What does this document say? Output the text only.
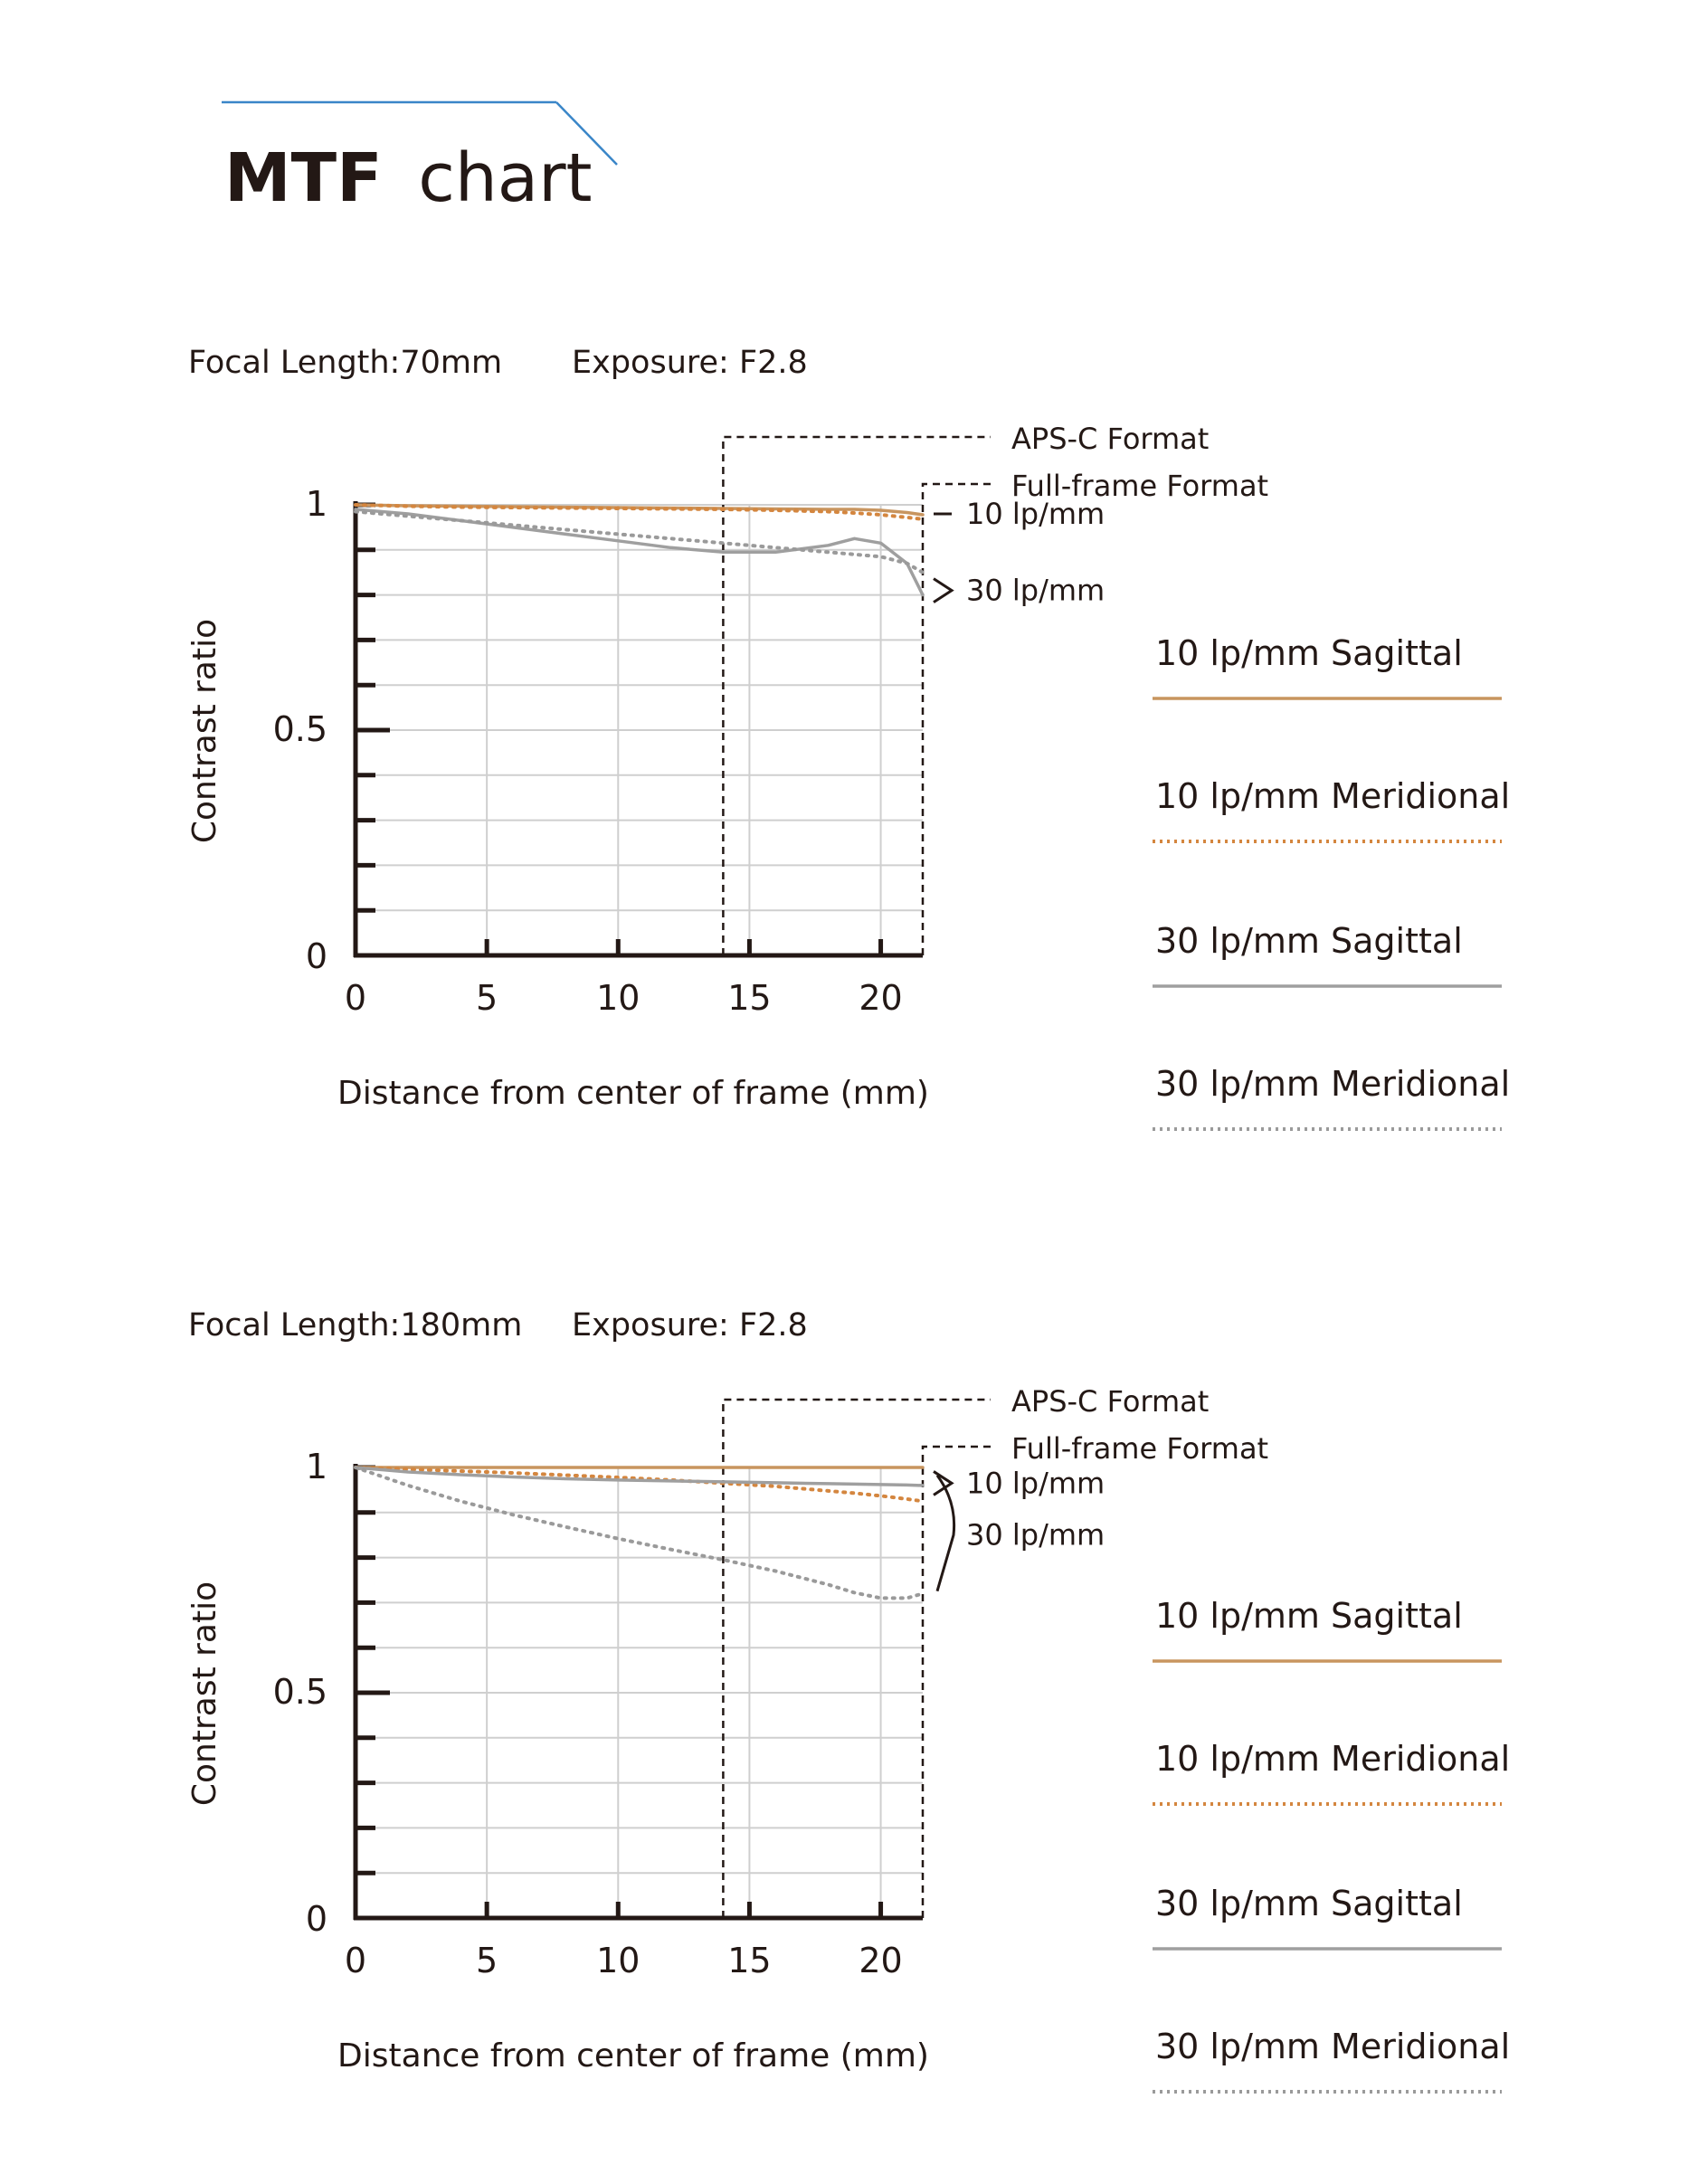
MTF chart
Focal Length:70mm Exposure: F2.8
0	5	10	15	20
0
0.5
1
Distance from center of frame (mm)
Contrast ratio
APS-C Format
Full-frame Format
10 lp/mm
30 lp/mm
10 lp/mm Sagittal
10 lp/mm Meridional
30 lp/mm Sagittal
30 lp/mm Meridional
Focal Length:180mm Exposure: F2.8
0	5	10	15	20
0
0.5
1
Distance from center of frame (mm)
Contrast ratio
APS-C Format
Full-frame Format
10 lp/mm
30 lp/mm
10 lp/mm Sagittal
10 lp/mm Meridional
30 lp/mm Sagittal
30 lp/mm Meridional
